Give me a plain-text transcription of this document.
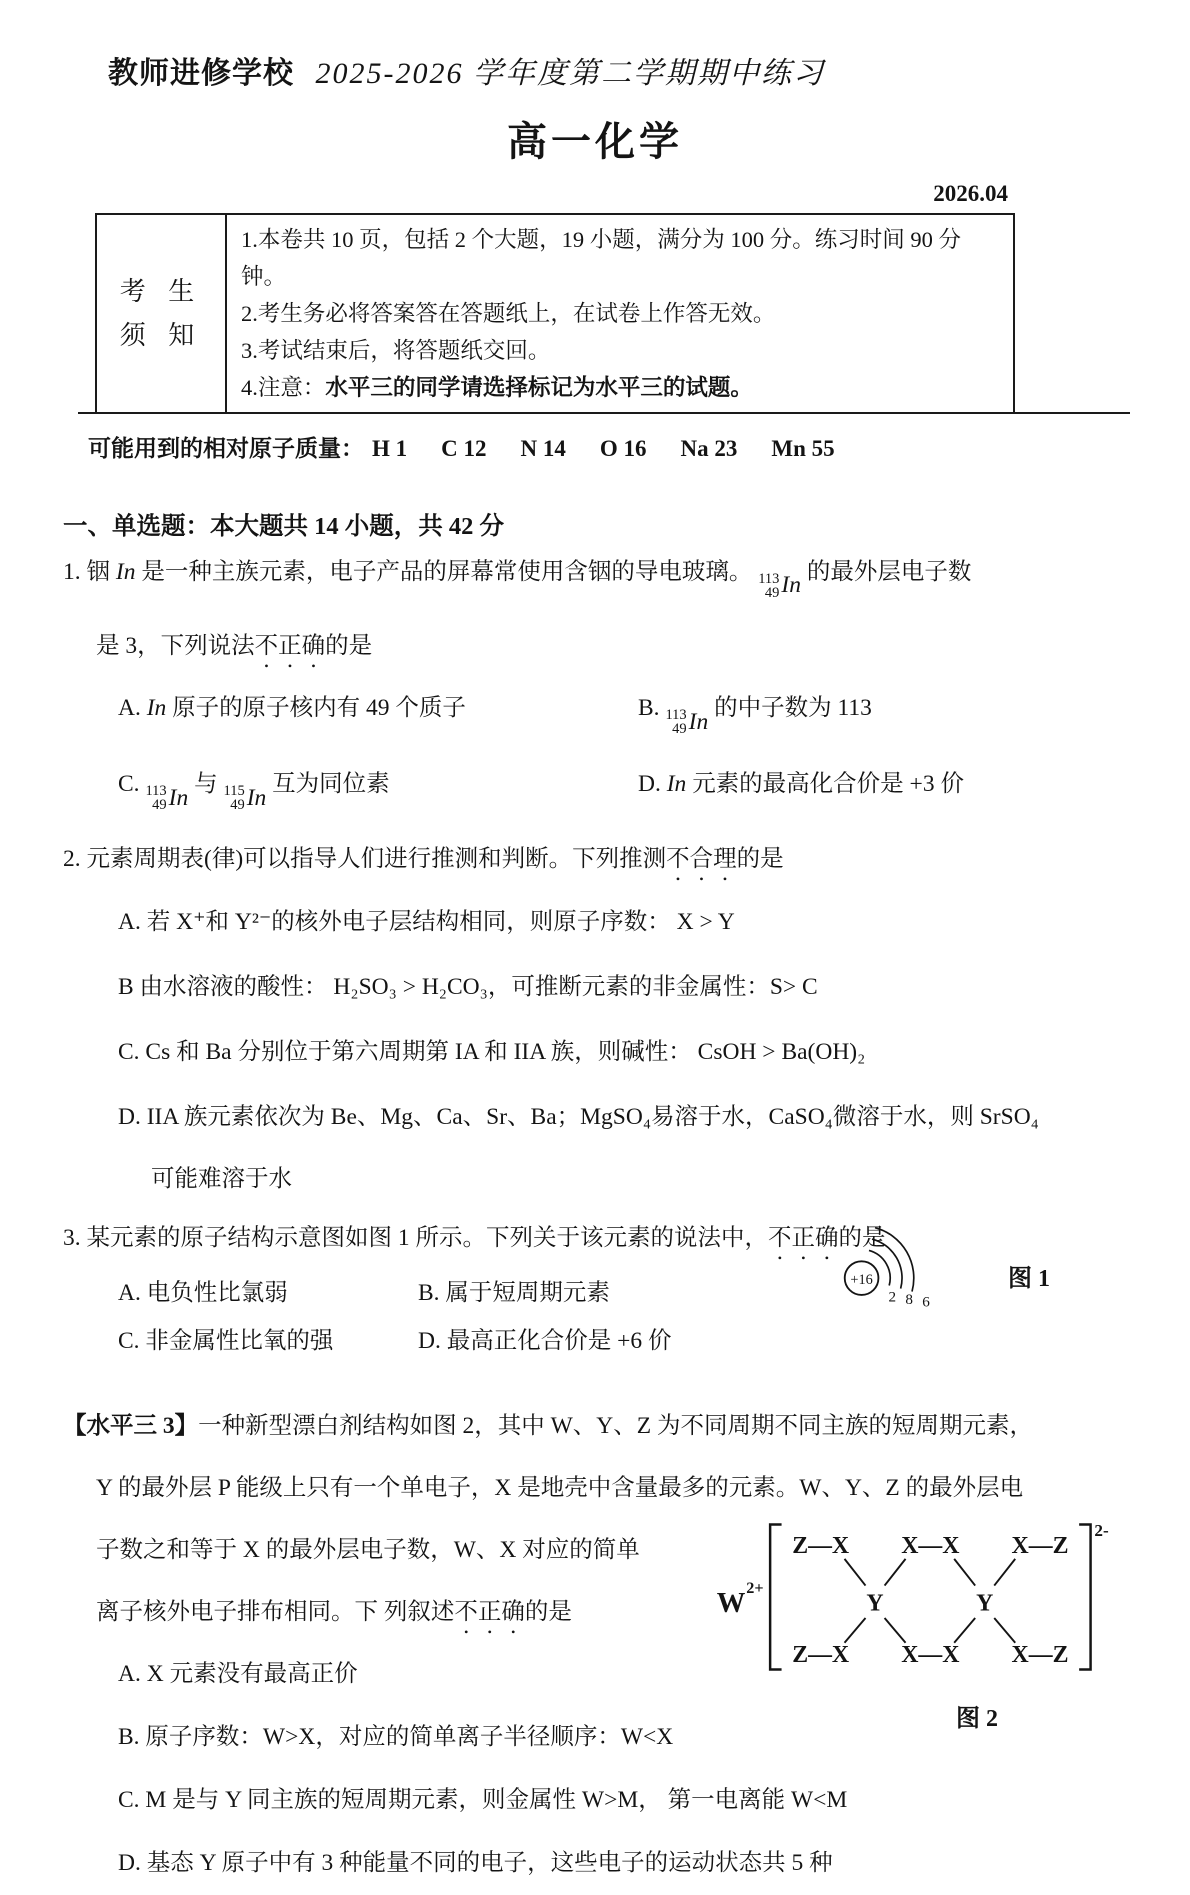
教师进修学校 2025-2026 学年度第二学期期中练习
高一化学
2026.04
考 生
须 知

1.本卷共 10 页，包括 2 个大题，19 小题，满分为 100 分。练习时间 90 分钟。
2.考生务必将答案答在答题纸上，在试卷上作答无效。
3.考试结束后，将答题纸交回。
4.注意：水平三的同学请选择标记为水平三的试题。
可能用到的相对原子质量： H 1 C 12 N 14 O 16 Na 23 Mn 55
一、单选题：本大题共 14 小题，共 42 分
1. 铟 In 是一种主族元素，电子产品的屏幕常使用含铟的导电玻璃。 113
49 In
的最外层电子数
是 3，下列说法不正确的是
A. In 原子的原子核内有 49 个质子	B. 113
49 In
的中子数为 113
C. 113
49 In
与 115
49 In
互为同位素	D. In 元素的最高化合价是 +3 价
2. 元素周期表(律)可以指导人们进行推测和判断。下列推测不合理的是
A. 若 X⁺和 Y²⁻的核外电子层结构相同，则原子序数： X > Y
B 由水溶液的酸性： H₂SO₃ > H₂CO₃，可推断元素的非金属性：S> C
C. Cs 和 Ba 分别位于第六周期第 IA 和 IIA 族，则碱性： CsOH > Ba(OH)₂
D. IIA 族元素依次为 Be、Mg、Ca、Sr、Ba；MgSO₄易溶于水，CaSO₄微溶于水，则 SrSO₄
可能难溶于水
3. 某元素的原子结构示意图如图 1 所示。下列关于该元素的说法中，不正确的是
A. 电负性比氯弱	B. 属于短周期元素
C. 非金属性比氧的强	D. 最高正化合价是 +6 价
+16
2 8 6
图 1
【水平三 3】一种新型漂白剂结构如图 2，其中 W、Y、Z 为不同周期不同主族的短周期元素，
Y 的最外层 P 能级上只有一个单电子，X 是地壳中含量最多的元素。W、Y、Z 的最外层电
子数之和等于 X 的最外层电子数，W、X 对应的简单
离子核外电子排布相同。下 列叙述不正确的是
A. X 元素没有最高正价
B. 原子序数：W>X，对应的简单离子半径顺序：W<X
C. M 是与 Y 同主族的短周期元素，则金属性 W>M， 第一电离能 W<M
D. 基态 Y 原子中有 3 种能量不同的电子，这些电子的运动状态共 5 种
W
2+
2-
Z—X X—X X—Z
Y	Y
Z—X X—X X—Z
图 2
